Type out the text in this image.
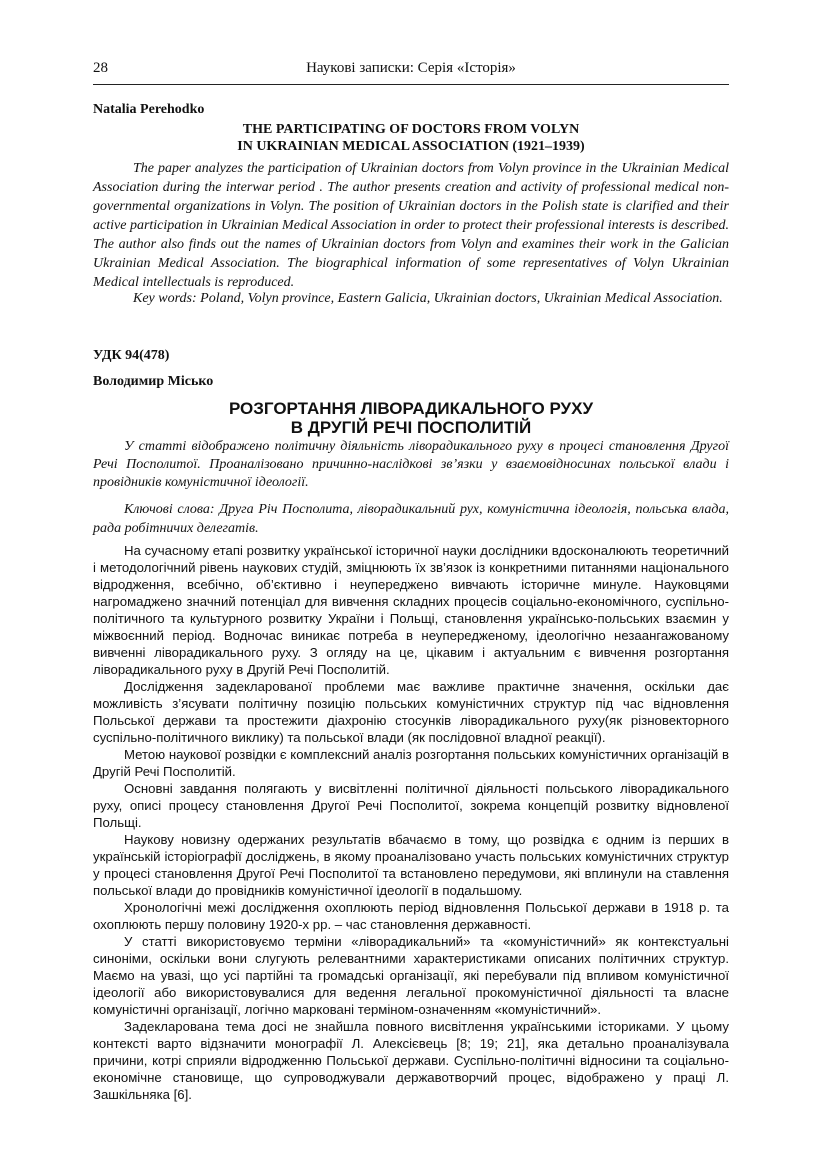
28	Наукові записки: Серія «Історія»
Natalia Perehodko
THE PARTICIPATING OF DOCTORS FROM VOLYN
IN UKRAINIAN MEDICAL ASSOCIATION (1921–1939)
The paper analyzes the participation of Ukrainian doctors from Volyn province in the Ukrainian Medical Association during the interwar period . The author presents creation and activity of professional medical non-governmental organizations in Volyn. The position of Ukrainian doctors in the Polish state is clarified and their active participation in Ukrainian Medical Association in order to protect their professional interests is described. The author also finds out the names of Ukrainian doctors from Volyn and examines their work in the Galician Ukrainian Medical Association. The biographical information of some representatives of Volyn Ukrainian Medical intellectuals is reproduced.
Key words: Poland, Volyn province, Eastern Galicia, Ukrainian doctors, Ukrainian Medical Association.
УДК 94(478)
Володимир Місько
РОЗГОРТАННЯ ЛІВОРАДИКАЛЬНОГО РУХУ
В ДРУГІЙ РЕЧІ ПОСПОЛИТІЙ
У статті відображено політичну діяльність ліворадикального руху в процесі становлення Другої Речі Посполитої. Проаналізовано причинно-наслідкові зв’язки у взаємовідносинах польської влади і провідників комуністичної ідеології.
Ключові слова: Друга Річ Посполита, ліворадикальний рух, комуністична ідеологія, польська влада, рада робітничих делегатів.

На сучасному етапі розвитку української історичної науки дослідники вдосконалюють теоретичний і методологічний рівень наукових студій, зміцнюють їх зв’язок із конкретними питаннями національного відродження, всебічно, об’єктивно і неупереджено вивчають історичне минуле. Науковцями нагромаджено значний потенціал для вивчення складних процесів соціально-економічного, суспільно-політичного та культурного розвитку України і Польщі, становлення українсько-польських взаємин у міжвоєнний період. Водночас виникає потреба в неупередженому, ідеологічно незаангажованому вивченні ліворадикального руху. З огляду на це, цікавим і актуальним є вивчення розгортання ліворадикального руху в Другій Речі Посполитій.

Дослідження задекларованої проблеми має важливе практичне значення, оскільки дає можливість з’ясувати політичну позицію польських комуністичних структур під час відновлення Польської держави та простежити діахронію стосунків ліворадикального руху(як різновекторного суспільно-політичного виклику) та польської влади (як послідовної владної реакції).

Метою наукової розвідки є комплексний аналіз розгортання польських комуністичних організацій в Другій Речі Посполитій.

Основні завдання полягають у висвітленні політичної діяльності польського ліворадикального руху, описі процесу становлення Другої Речі Посполитої, зокрема концепцій розвитку відновленої Польщі.

Наукову новизну одержаних результатів вбачаємо в тому, що розвідка є одним із перших в українській історіографії досліджень, в якому проаналізовано участь польських комуністичних структур у процесі становлення Другої Речі Посполитої та встановлено передумови, які вплинули на ставлення польської влади до провідників комуністичної ідеології в подальшому.

Хронологічні межі дослідження охоплюють період відновлення Польської держави в 1918 р. та охоплюють першу половину 1920-х рр. – час становлення державності.

У статті використовуємо терміни «ліворадикальний» та «комуністичний» як контекстуальні синоніми, оскільки вони слугують релевантними характеристиками описаних політичних структур. Маємо на увазі, що усі партійні та громадські організації, які перебували під впливом комуністичної ідеології або використовувалися для ведення легальної прокомуністичної діяльності та власне комуністичні організації, логічно марковані терміном-означенням «комуністичний».

Задекларована тема досі не знайшла повного висвітлення українськими істориками. У цьому контексті варто відзначити монографії Л. Алексієвець [8; 19; 21], яка детально проаналізувала причини, котрі сприяли відродженню Польської держави. Суспільно-політичні відносини та соціально-економічне становище, що супроводжували державотворчий процес, відображено у праці Л. Зашкільняка [6].
